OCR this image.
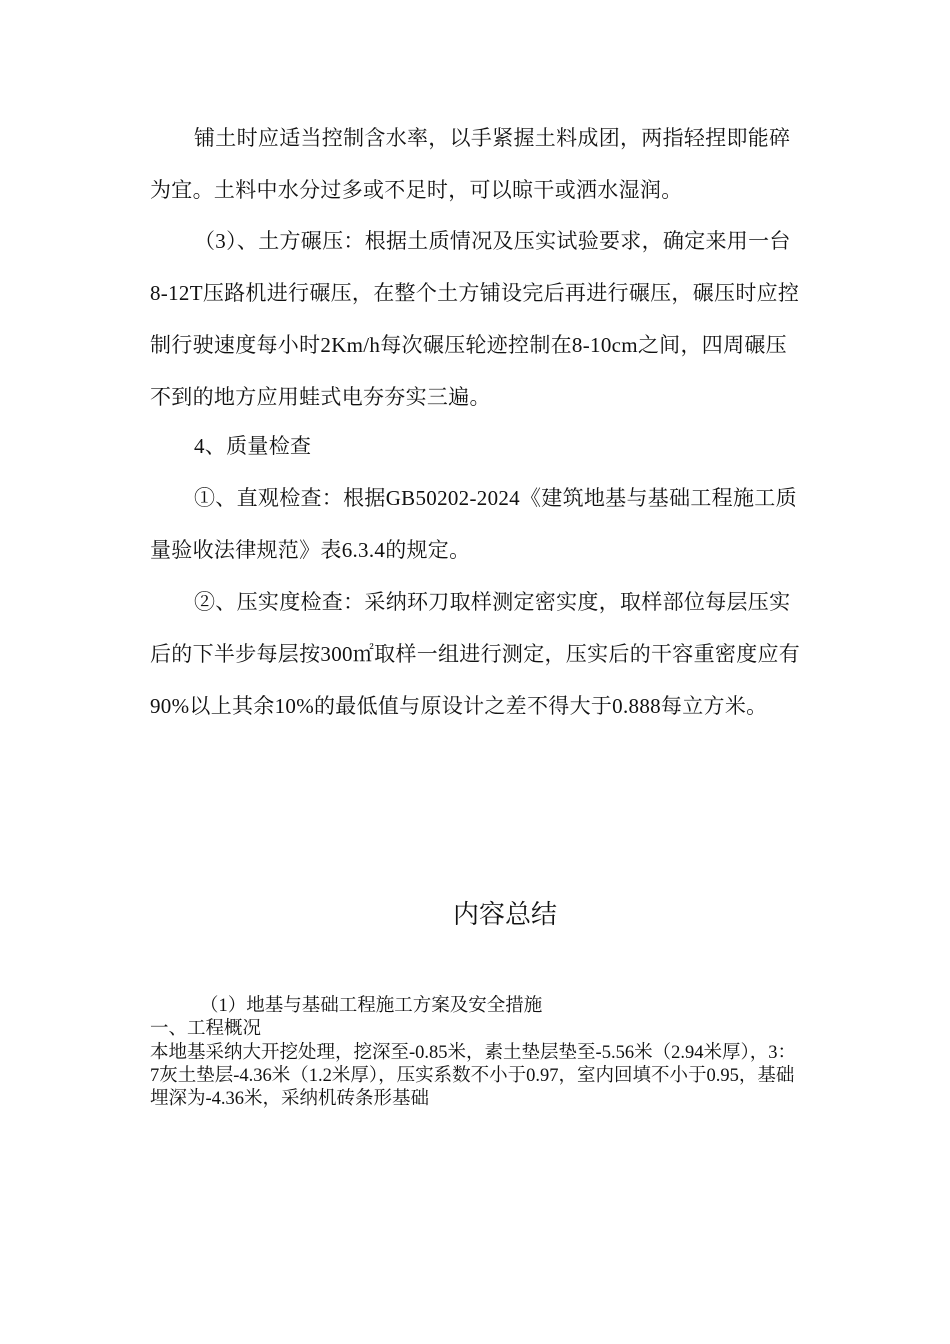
铺土时应适当控制含水率，以手紧握土料成团，两指轻捏即能碎为宜。土料中水分过多或不足时，可以晾干或洒水湿润。

（3）、土方碾压：根据土质情况及压实试验要求，确定来用一台8-12T压路机进行碾压，在整个土方铺设完后再进行碾压，碾压时应控制行驶速度每小时2Km/h每次碾压轮迹控制在8-10cm之间，四周碾压不到的地方应用蛙式电夯夯实三遍。

4、质量检查

①、直观检查：根据GB50202-2024《建筑地基与基础工程施工质量验收法律规范》表6.3.4的规定。

②、压实度检查：采纳环刀取样测定密实度，取样部位每层压实后的下半步每层按300㎡取样一组进行测定，压实后的干容重密度应有90%以上其余10%的最低值与原设计之差不得大于0.888每立方米。

内容总结

（1）地基与基础工程施工方案及安全措施

一、工程概况

本地基采纳大开挖处理，挖深至-0.85米，素土垫层垫至-5.56米（2.94米厚），3：7灰土垫层-4.36米（1.2米厚），压实系数不小于0.97，室内回填不小于0.95，基础埋深为-4.36米，采纳机砖条形基础
